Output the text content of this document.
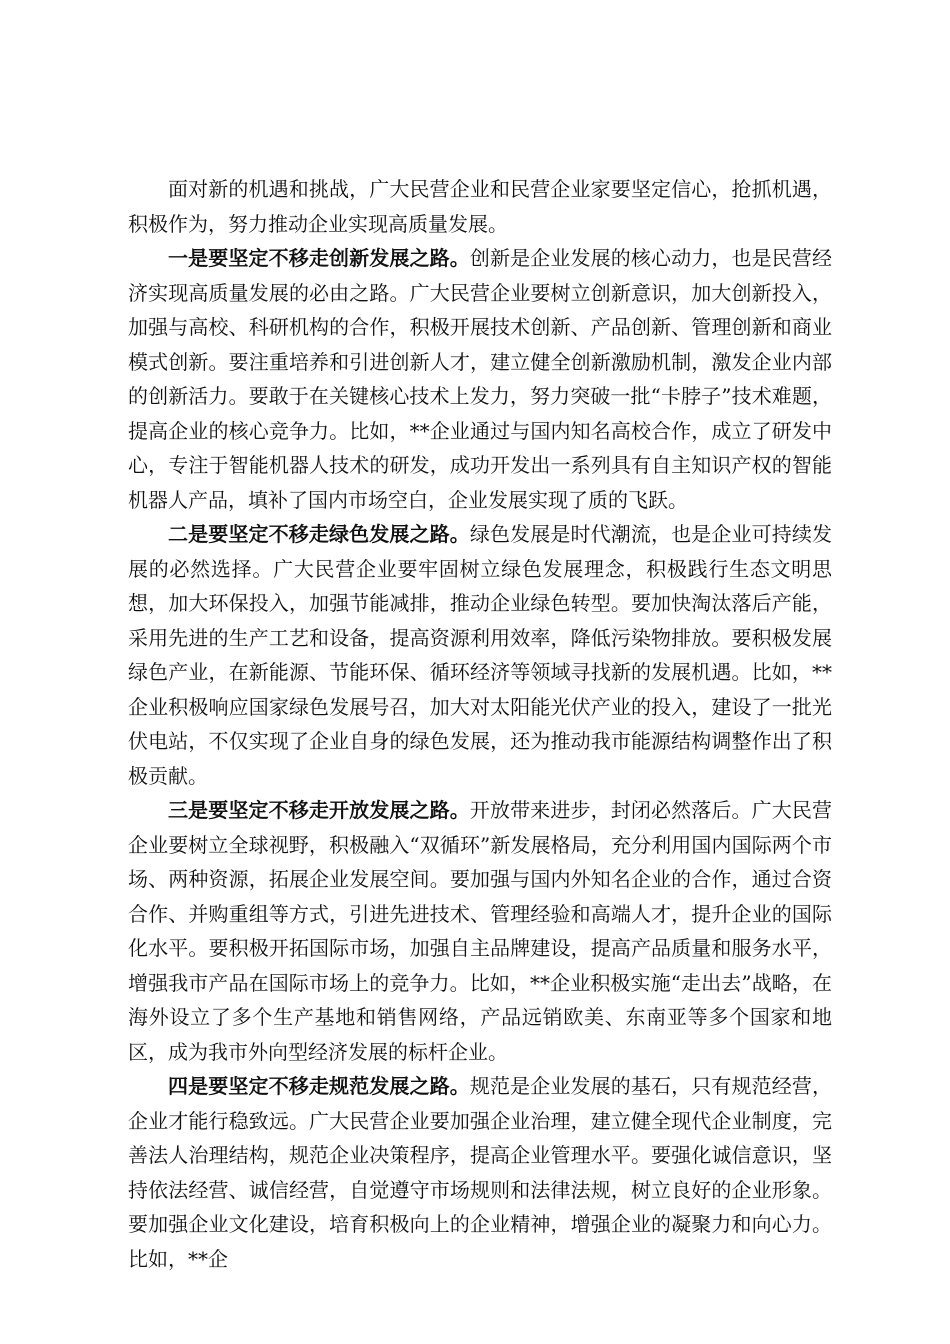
面对新的机遇和挑战，广大民营企业和民营企业家要坚定信心，抢抓机遇，积极作为，努力推动企业实现高质量发展。

一是要坚定不移走创新发展之路。创新是企业发展的核心动力，也是民营经济实现高质量发展的必由之路。广大民营企业要树立创新意识，加大创新投入，加强与高校、科研机构的合作，积极开展技术创新、产品创新、管理创新和商业模式创新。要注重培养和引进创新人才，建立健全创新激励机制，激发企业内部的创新活力。要敢于在关键核心技术上发力，努力突破一批“卡脖子”技术难题，提高企业的核心竞争力。比如，**企业通过与国内知名高校合作，成立了研发中心，专注于智能机器人技术的研发，成功开发出一系列具有自主知识产权的智能机器人产品，填补了国内市场空白，企业发展实现了质的飞跃。

二是要坚定不移走绿色发展之路。绿色发展是时代潮流，也是企业可持续发展的必然选择。广大民营企业要牢固树立绿色发展理念，积极践行生态文明思想，加大环保投入，加强节能减排，推动企业绿色转型。要加快淘汰落后产能，采用先进的生产工艺和设备，提高资源利用效率，降低污染物排放。要积极发展绿色产业，在新能源、节能环保、循环经济等领域寻找新的发展机遇。比如，**企业积极响应国家绿色发展号召，加大对太阳能光伏产业的投入，建设了一批光伏电站，不仅实现了企业自身的绿色发展，还为推动我市能源结构调整作出了积极贡献。

三是要坚定不移走开放发展之路。开放带来进步，封闭必然落后。广大民营企业要树立全球视野，积极融入“双循环”新发展格局，充分利用国内国际两个市场、两种资源，拓展企业发展空间。要加强与国内外知名企业的合作，通过合资合作、并购重组等方式，引进先进技术、管理经验和高端人才，提升企业的国际化水平。要积极开拓国际市场，加强自主品牌建设，提高产品质量和服务水平，增强我市产品在国际市场上的竞争力。比如，**企业积极实施“走出去”战略，在海外设立了多个生产基地和销售网络，产品远销欧美、东南亚等多个国家和地区，成为我市外向型经济发展的标杆企业。

四是要坚定不移走规范发展之路。规范是企业发展的基石，只有规范经营，企业才能行稳致远。广大民营企业要加强企业治理，建立健全现代企业制度，完善法人治理结构，规范企业决策程序，提高企业管理水平。要强化诚信意识，坚持依法经营、诚信经营，自觉遵守市场规则和法律法规，树立良好的企业形象。要加强企业文化建设，培育积极向上的企业精神，增强企业的凝聚力和向心力。比如，**企
